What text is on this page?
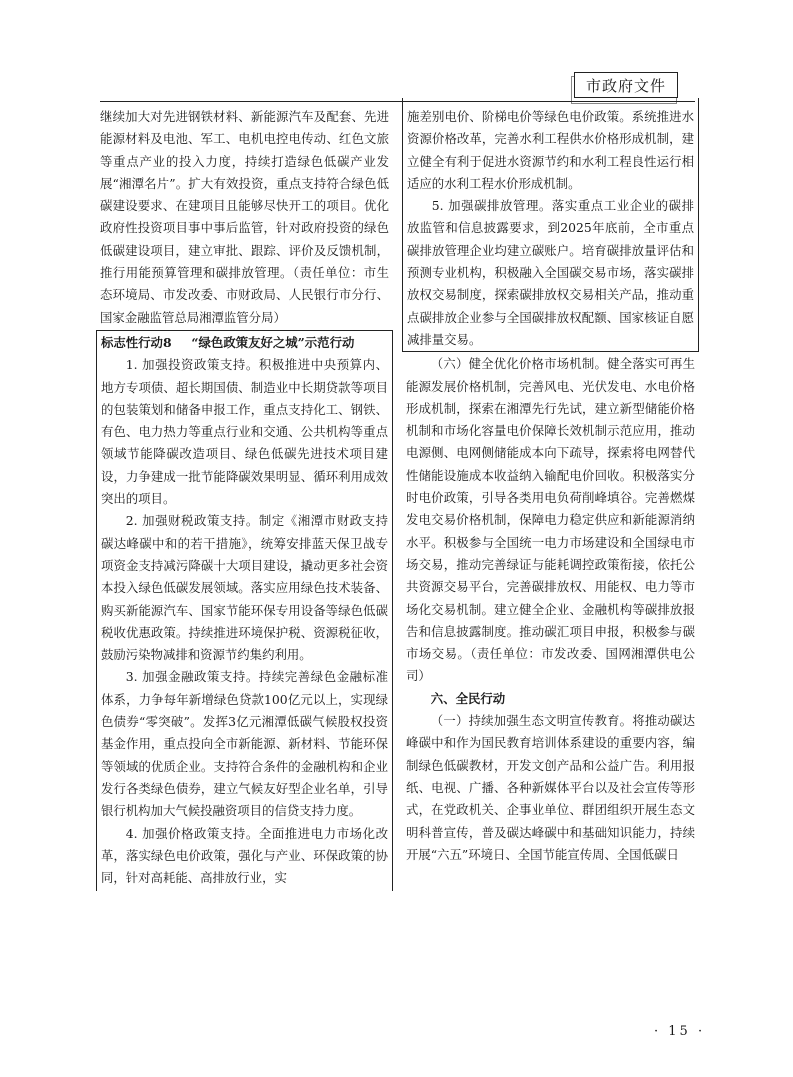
市政府文件

继续加大对先进钢铁材料、新能源汽车及配套、先进能源材料及电池、军工、电机电控电传动、红色文旅等重点产业的投入力度，持续打造绿色低碳产业发展“湘潭名片”。扩大有效投资，重点支持符合绿色低碳建设要求、在建项目且能够尽快开工的项目。优化政府性投资项目事中事后监管，针对政府投资的绿色低碳建设项目，建立审批、跟踪、评价及反馈机制，推行用能预算管理和碳排放管理。（责任单位：市生态环境局、市发改委、市财政局、人民银行市分行、国家金融监管总局湘潭监管分局）

标志性行动8 “绿色政策友好之城”示范行动

1. 加强投资政策支持。积极推进中央预算内、地方专项债、超长期国债、制造业中长期贷款等项目的包装策划和储备申报工作，重点支持化工、钢铁、有色、电力热力等重点行业和交通、公共机构等重点领域节能降碳改造项目、绿色低碳先进技术项目建设，力争建成一批节能降碳效果明显、循环利用成效突出的项目。

2. 加强财税政策支持。制定《湘潭市财政支持碳达峰碳中和的若干措施》，统筹安排蓝天保卫战专项资金支持减污降碳十大项目建设，撬动更多社会资本投入绿色低碳发展领域。落实应用绿色技术装备、购买新能源汽车、国家节能环保专用设备等绿色低碳税收优惠政策。持续推进环境保护税、资源税征收，鼓励污染物减排和资源节约集约利用。

3. 加强金融政策支持。持续完善绿色金融标准体系，力争每年新增绿色贷款100亿元以上，实现绿色债券“零突破”。发挥3亿元湘潭低碳气候股权投资基金作用，重点投向全市新能源、新材料、节能环保等领域的优质企业。支持符合条件的金融机构和企业发行各类绿色债券，建立气候友好型企业名单，引导银行机构加大气候投融资项目的信贷支持力度。

4. 加强价格政策支持。全面推进电力市场化改革，落实绿色电价政策，强化与产业、环保政策的协同，针对高耗能、高排放行业，实

施差别电价、阶梯电价等绿色电价政策。系统推进水资源价格改革，完善水利工程供水价格形成机制，建立健全有利于促进水资源节约和水利工程良性运行相适应的水利工程水价形成机制。

5. 加强碳排放管理。落实重点工业企业的碳排放监管和信息披露要求，到2025年底前，全市重点碳排放管理企业均建立碳账户。培育碳排放量评估和预测专业机构，积极融入全国碳交易市场，落实碳排放权交易制度，探索碳排放权交易相关产品，推动重点碳排放企业参与全国碳排放权配额、国家核证自愿减排量交易。

（六）健全优化价格市场机制。健全落实可再生能源发展价格机制，完善风电、光伏发电、水电价格形成机制，探索在湘潭先行先试，建立新型储能价格机制和市场化容量电价保障长效机制示范应用，推动电源侧、电网侧储能成本向下疏导，探索将电网替代性储能设施成本收益纳入输配电价回收。积极落实分时电价政策，引导各类用电负荷削峰填谷。完善燃煤发电交易价格机制，保障电力稳定供应和新能源消纳水平。积极参与全国统一电力市场建设和全国绿电市场交易，推动完善绿证与能耗调控政策衔接，依托公共资源交易平台，完善碳排放权、用能权、电力等市场化交易机制。建立健全企业、金融机构等碳排放报告和信息披露制度。推动碳汇项目申报，积极参与碳市场交易。（责任单位：市发改委、国网湘潭供电公司）

六、全民行动

（一）持续加强生态文明宣传教育。将推动碳达峰碳中和作为国民教育培训体系建设的重要内容，编制绿色低碳教材，开发文创产品和公益广告。利用报纸、电视、广播、各种新媒体平台以及社会宣传等形式，在党政机关、企事业单位、群团组织开展生态文明科普宣传，普及碳达峰碳中和基础知识能力，持续开展“六五”环境日、全国节能宣传周、全国低碳日

· 15 ·
